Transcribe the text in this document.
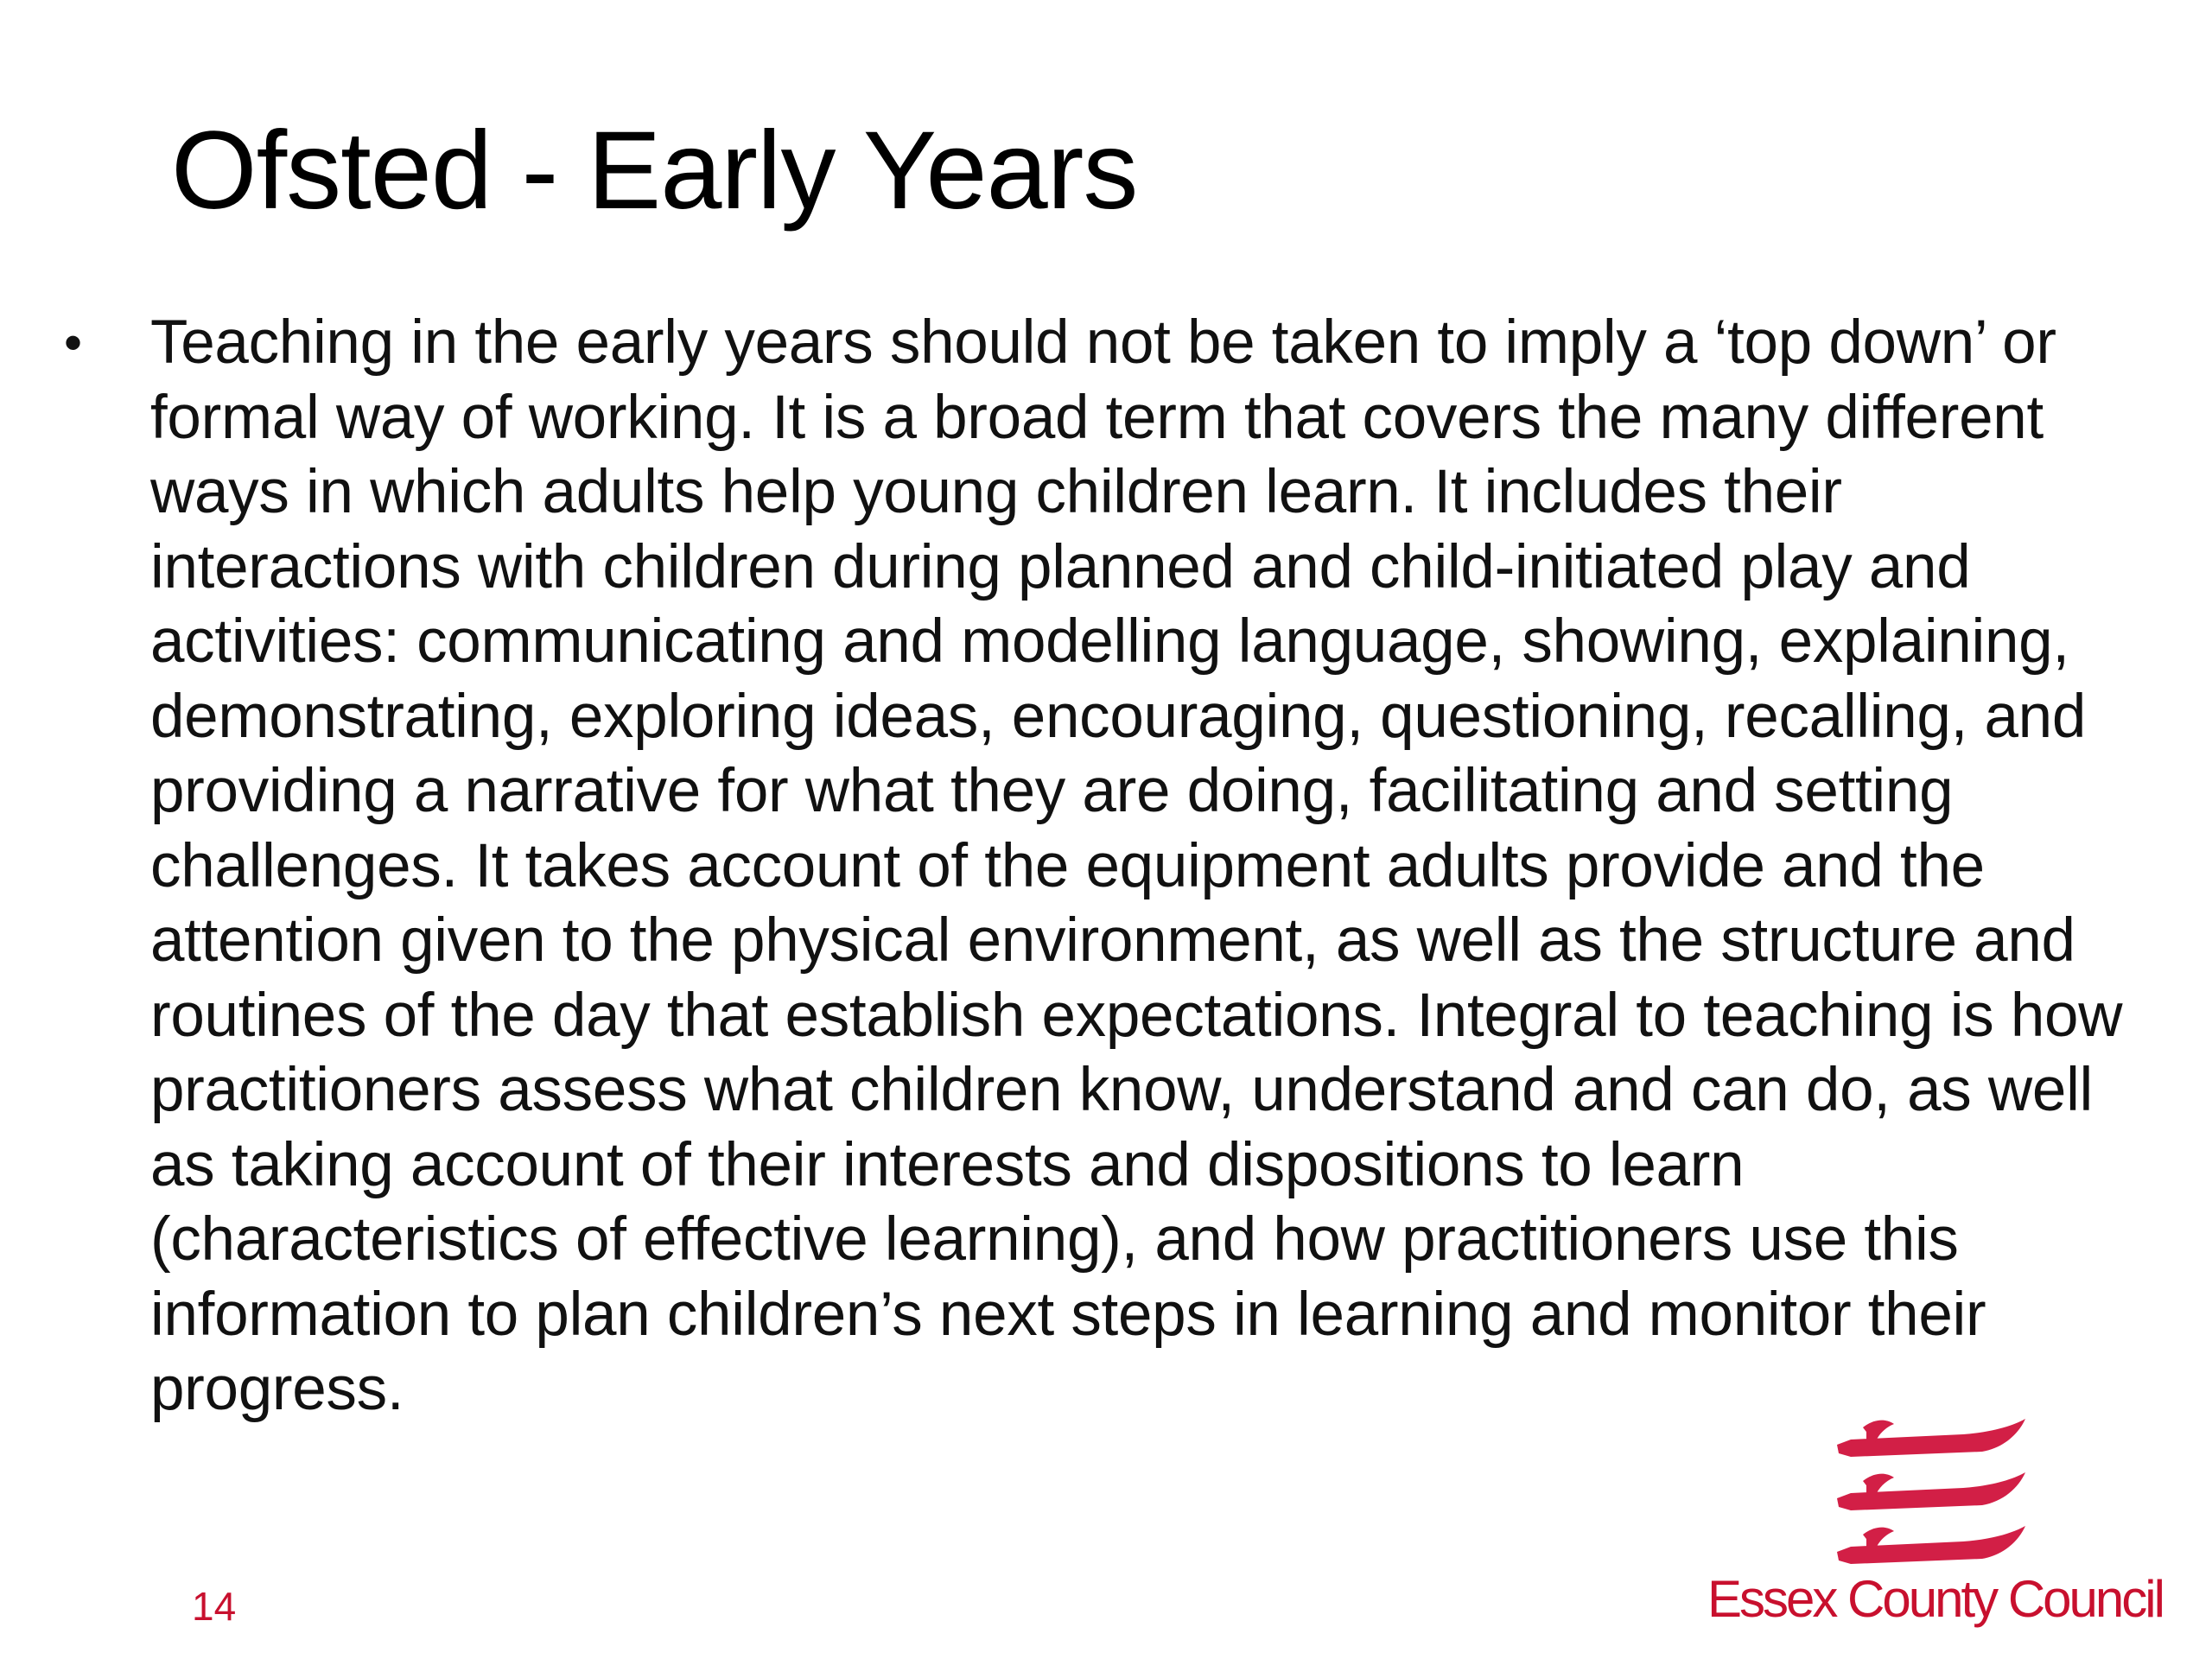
Ofsted - Early Years
• Teaching in the early years should not be taken to imply a ‘top down’ or formal way of working. It is a broad term that covers the many different ways in which adults help young children learn. It includes their interactions with children during planned and child-initiated play and activities: communicating and modelling language, showing, explaining, demonstrating, exploring ideas, encouraging, questioning, recalling, and providing a narrative for what they are doing, facilitating and setting challenges. It takes account of the equipment adults provide and the attention given to the physical environment, as well as the structure and routines of the day that establish expectations. Integral to teaching is how practitioners assess what children know, understand and can do, as well as taking account of their interests and dispositions to learn (characteristics of effective learning), and how practitioners use this information to plan children’s next steps in learning and monitor their progress.
14	Essex County Council
